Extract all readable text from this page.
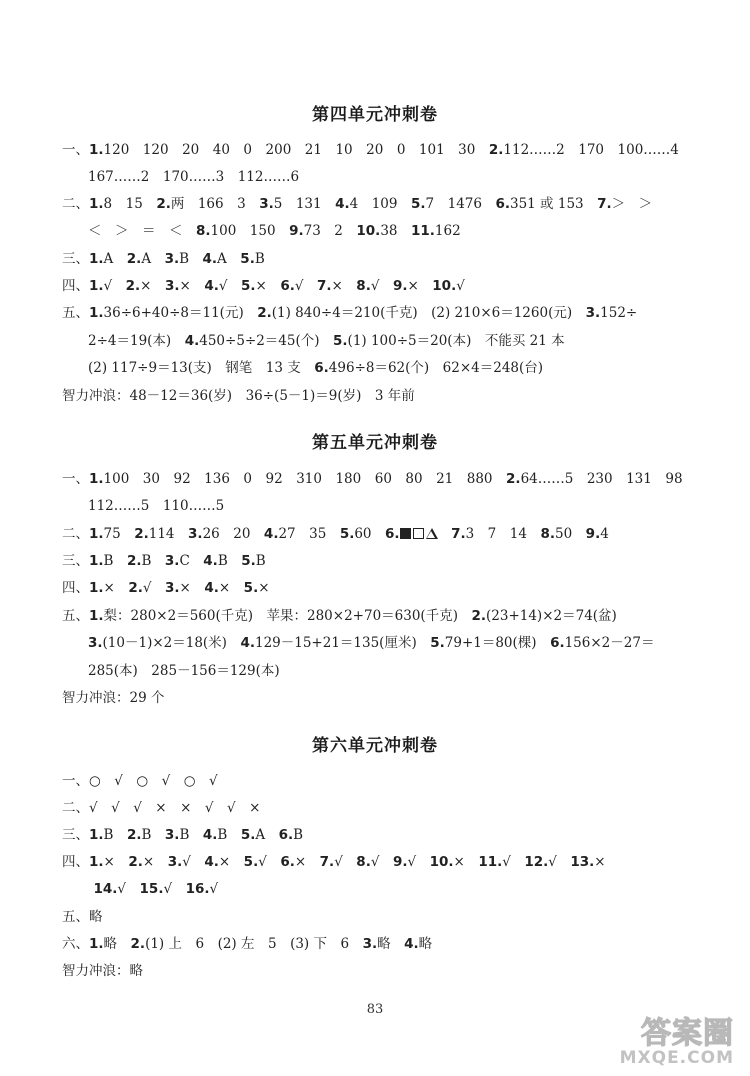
第四单元冲刺卷
一、1.120　120　20　40　0　200　21　10　20　0　101　30　2.112……2　170　100……4
167……2　170……3　112……6
二、1.8　15　2.两　166　3　3.5　131　4.4　109　5.7　1476　6.351 或 153　7.＞　＞
＜　＞　＝　＜　8.100　150　9.73　2　10.38　11.162
三、1.A　2.A　3.B　4.A　5.B
四、1.√　2.×　3.×　4.√　5.×　6.√　7.×　8.√　9.×　10.√
五、1.36÷6+40÷8＝11(元)　2.(1) 840÷4＝210(千克)　(2) 210×6＝1260(元)　3.152÷
2÷4＝19(本)　4.450÷5÷2＝45(个)　5.(1) 100÷5＝20(本)　不能买 21 本
(2) 117÷9＝13(支)　钢笔　13 支　6.496÷8＝62(个)　62×4＝248(台)
智力冲浪：48－12＝36(岁)　36÷(5－1)＝9(岁)　3 年前
第五单元冲刺卷
一、1.100　30　92　136　0　92　310　180　60　80　21　880　2.64……5　230　131　98
112……5　110……5
二、1.75　2.114　3.26　20　4.27　35　5.60　6.　	7.3　7　14　8.50　9.4
三、1.B　2.B　3.C　4.B　5.B
四、1.×　2.√　3.×　4.×　5.×
五、1.梨：280×2＝560(千克)　苹果：280×2+70＝630(千克)　2.(23+14)×2＝74(盆)
3.(10－1)×2＝18(米)　4.129－15+21＝135(厘米)　5.79+1＝80(棵)　6.156×2－27＝
285(本)　285－156＝129(本)
智力冲浪：29 个
第六单元冲刺卷
一、○　√　○　√　○　√
二、√　√　√　×　×　√　√　×
三、1.B　2.B　3.B　4.B　5.A　6.B
四、1.×　2.×　3.√　4.×　5.√　6.×　7.√　8.√　9.√　10.×　11.√　12.√　13.×
　14.√　15.√　16.√
五、略
六、1.略　2.(1) 上　6　(2) 左　5　(3) 下　6　3.略　4.略
智力冲浪：略
83
答案圈
MXQE.COM
